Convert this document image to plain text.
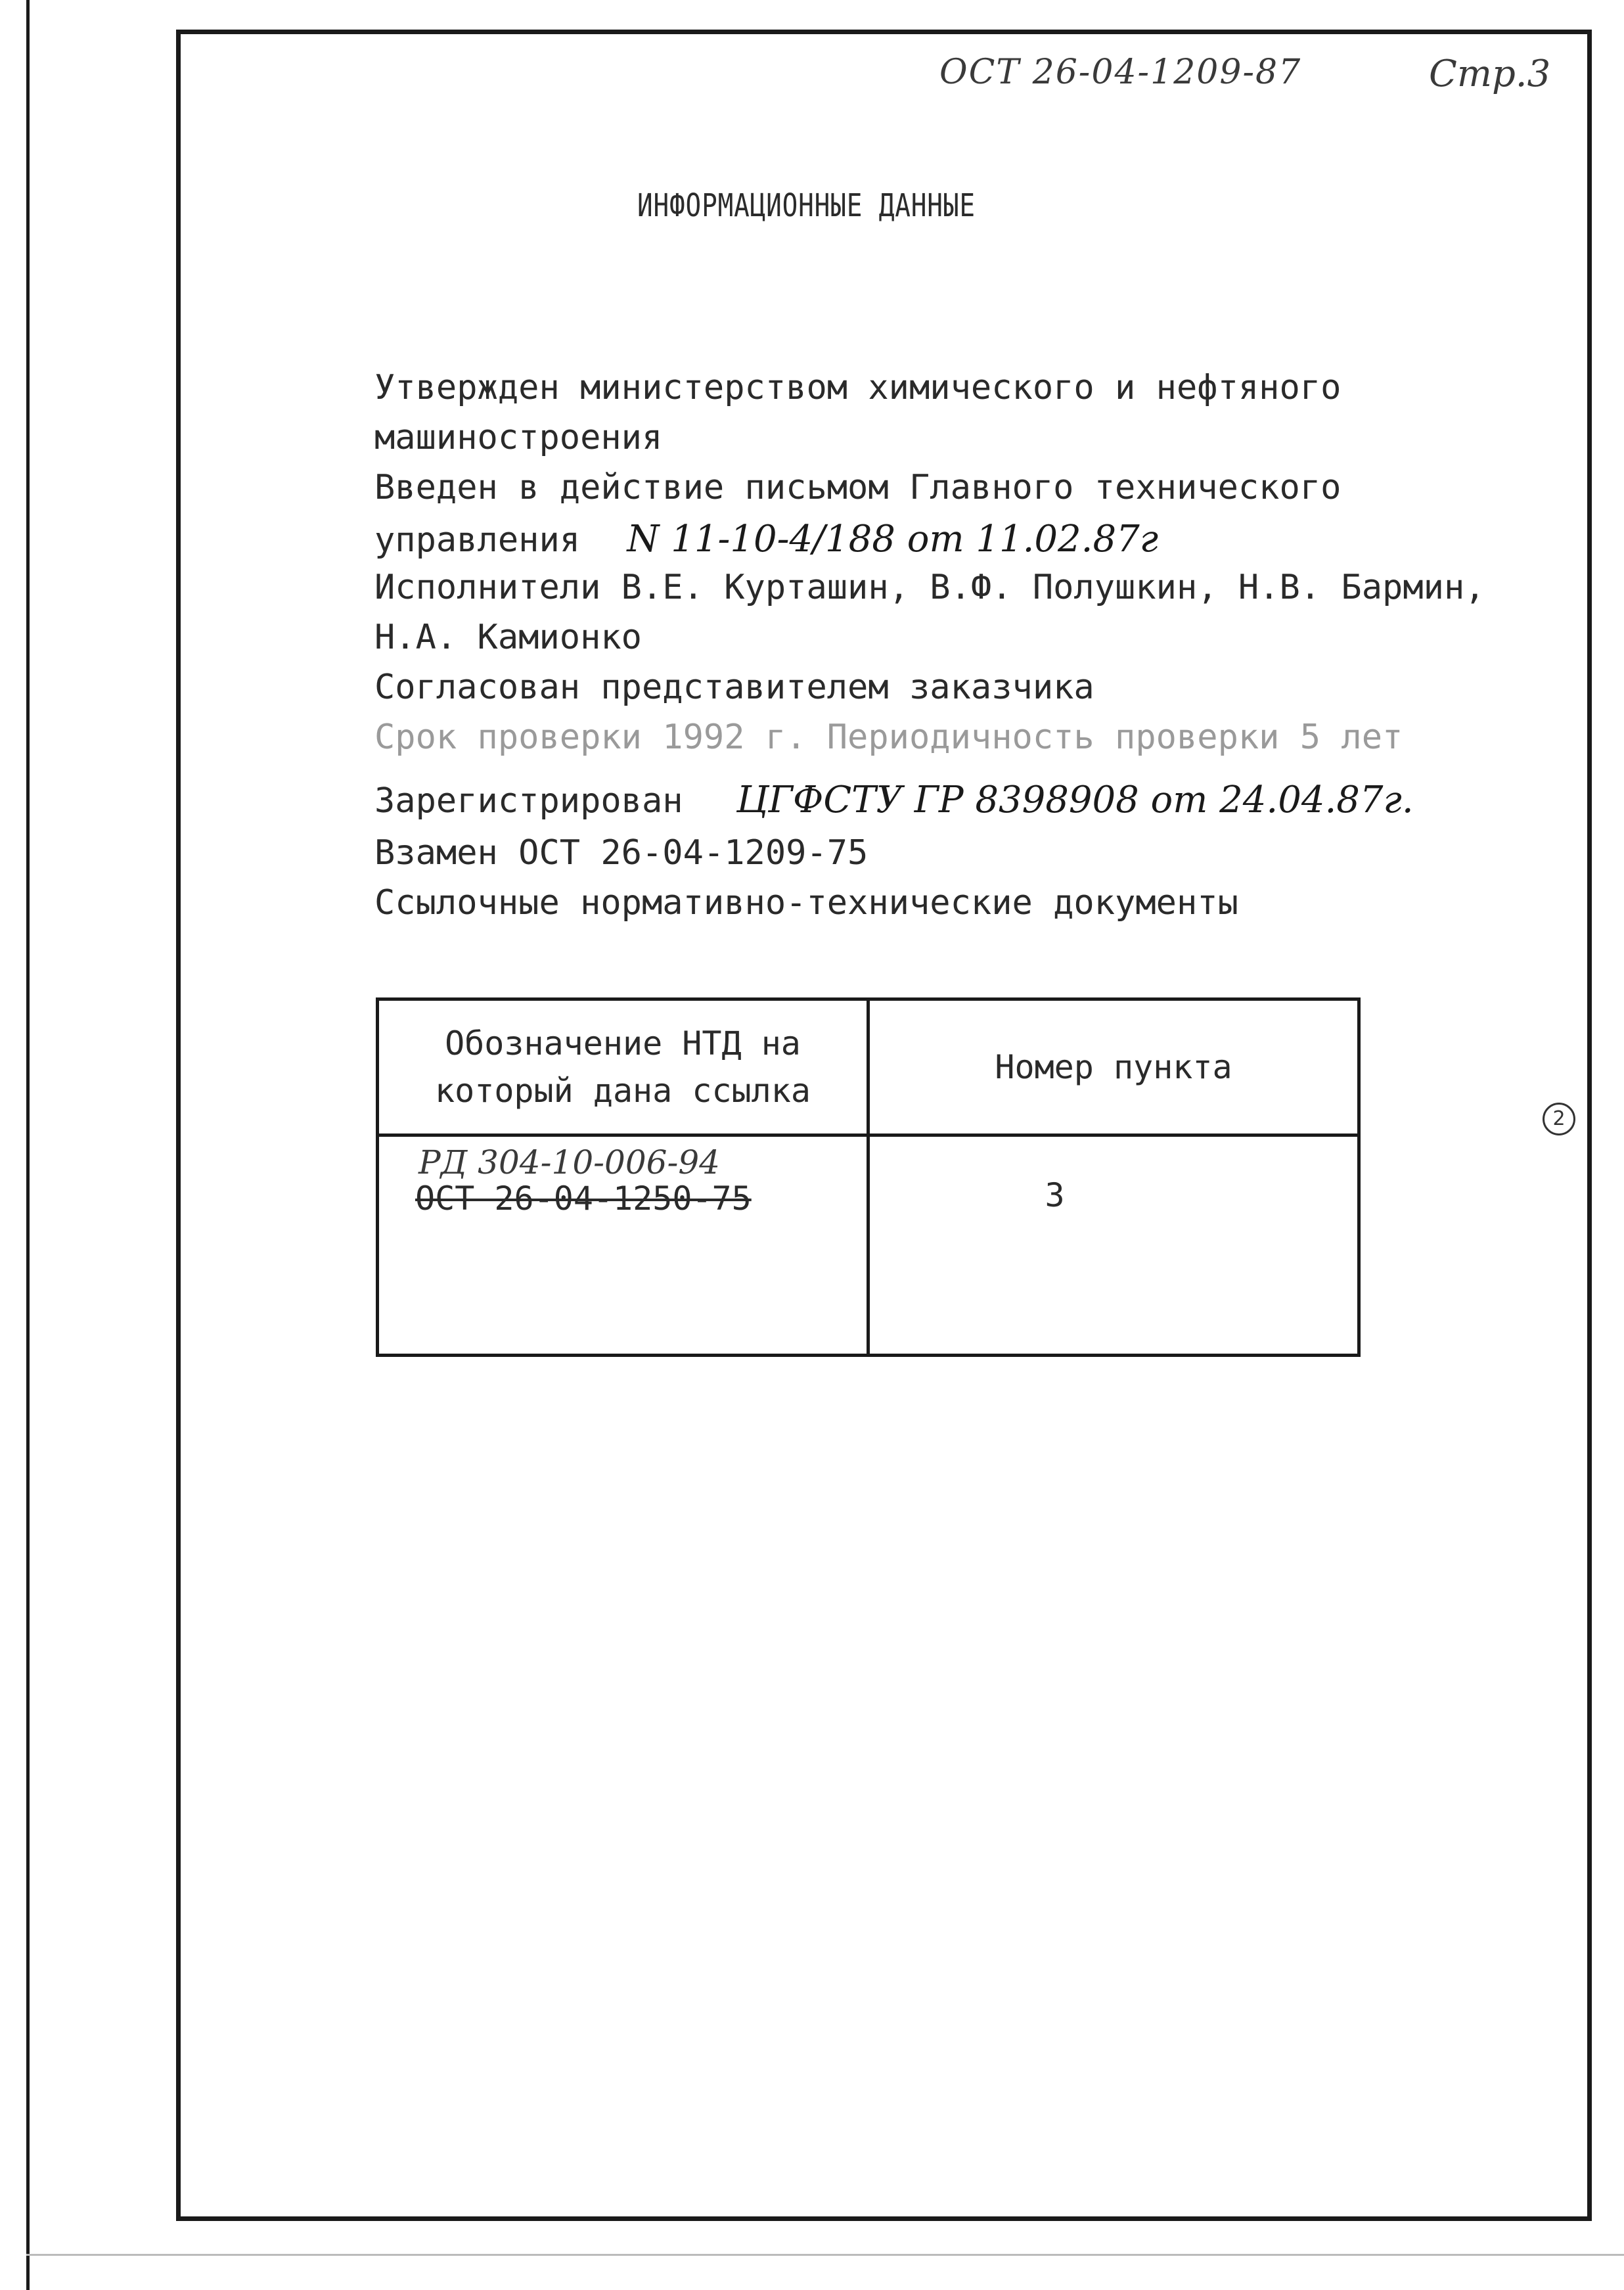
ОСТ 26-04-1209-87	Стр.3
ИНФОРМАЦИОННЫЕ ДАННЫЕ
Утвержден министерством химического и нефтяного
машиностроения
Введен в действие письмом Главного технического
управления N 11-10-4/188 от 11.02.87г
Исполнители В.Е. Курташин, В.Ф. Полушкин, Н.В. Бармин,
Н.А. Камионко
Согласован представителем заказчика
Срок проверки 1992 г. Периодичность проверки 5 лет
Зарегистрирован ЦГФСТУ ГР 8398908 от 24.04.87г.
Взамен ОСТ 26-04-1209-75
Ссылочные нормативно-технические документы
Обозначение НТД на
который дана ссылка	Номер пункта

РД 304-10-006-94
ОСТ 26-04-1250-75	3
2
